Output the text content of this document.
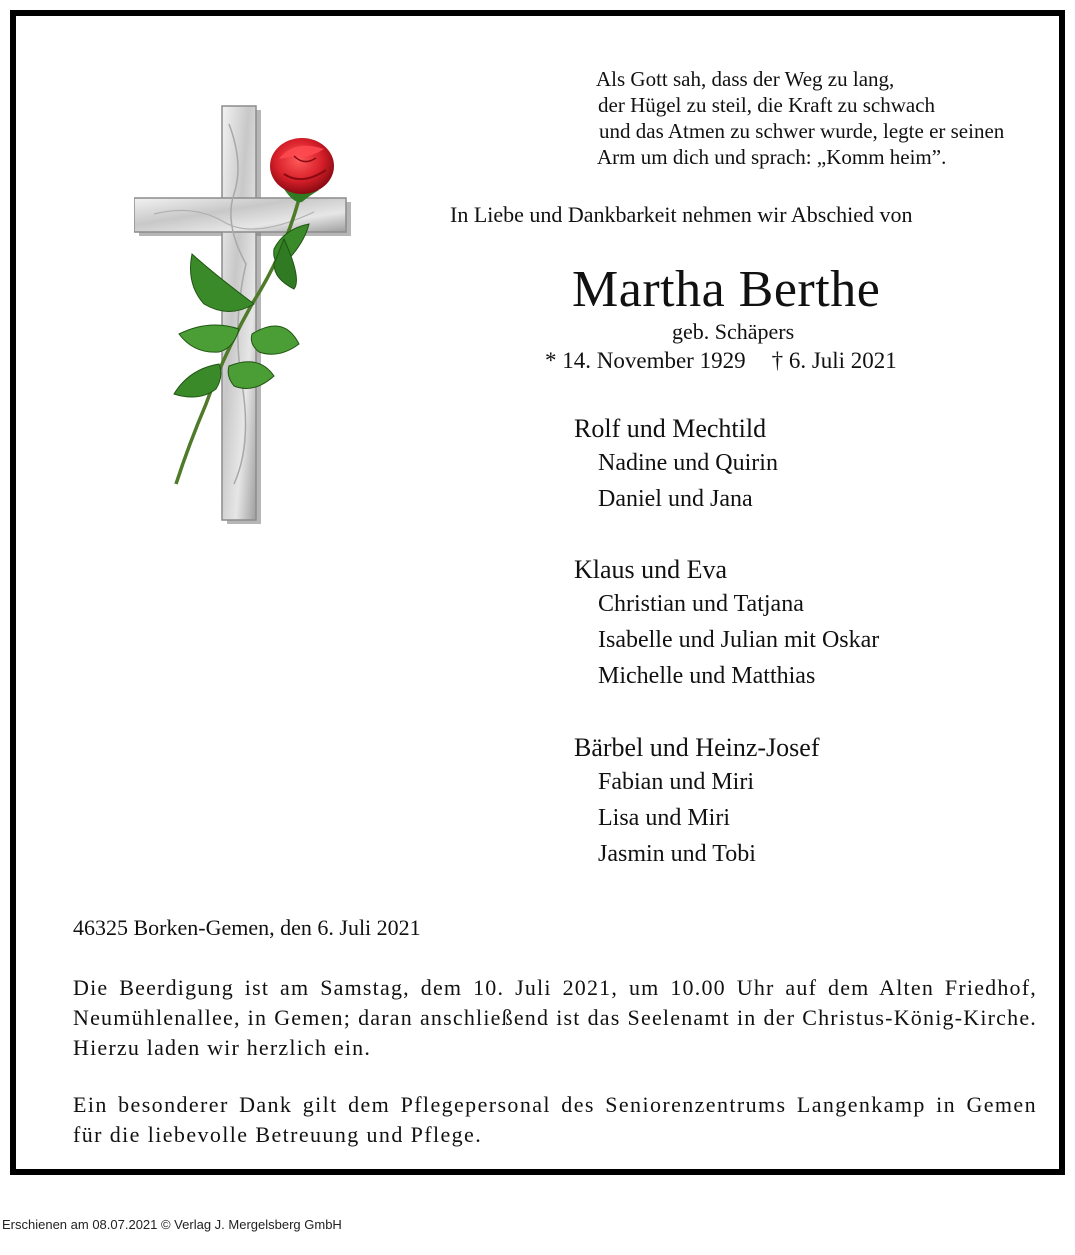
Als Gott sah, dass der Weg zu lang,
der Hügel zu steil, die Kraft zu schwach
und das Atmen zu schwer wurde, legte er seinen
Arm um dich und sprach: „Komm heim”.
In Liebe und Dankbarkeit nehmen wir Abschied von
Martha Berthe
geb. Schäpers
* 14. November 1929 † 6. Juli 2021
Rolf und Mechtild
Nadine und Quirin
Daniel und Jana
Klaus und Eva
Christian und Tatjana
Isabelle und Julian mit Oskar
Michelle und Matthias
Bärbel und Heinz-Josef
Fabian und Miri
Lisa und Miri
Jasmin und Tobi
46325 Borken-Gemen, den 6. Juli 2021
Die Beerdigung ist am Samstag, dem 10. Juli 2021, um 10.00 Uhr auf dem Alten Friedhof, Neumühlenallee, in Gemen; daran anschließend ist das Seelenamt in der Christus-König-Kirche. Hierzu laden wir herzlich ein.
Ein besonderer Dank gilt dem Pflegepersonal des Seniorenzentrums Langenkamp in Gemen für die liebevolle Betreuung und Pflege.
Erschienen am 08.07.2021 © Verlag J. Mergelsberg GmbH
